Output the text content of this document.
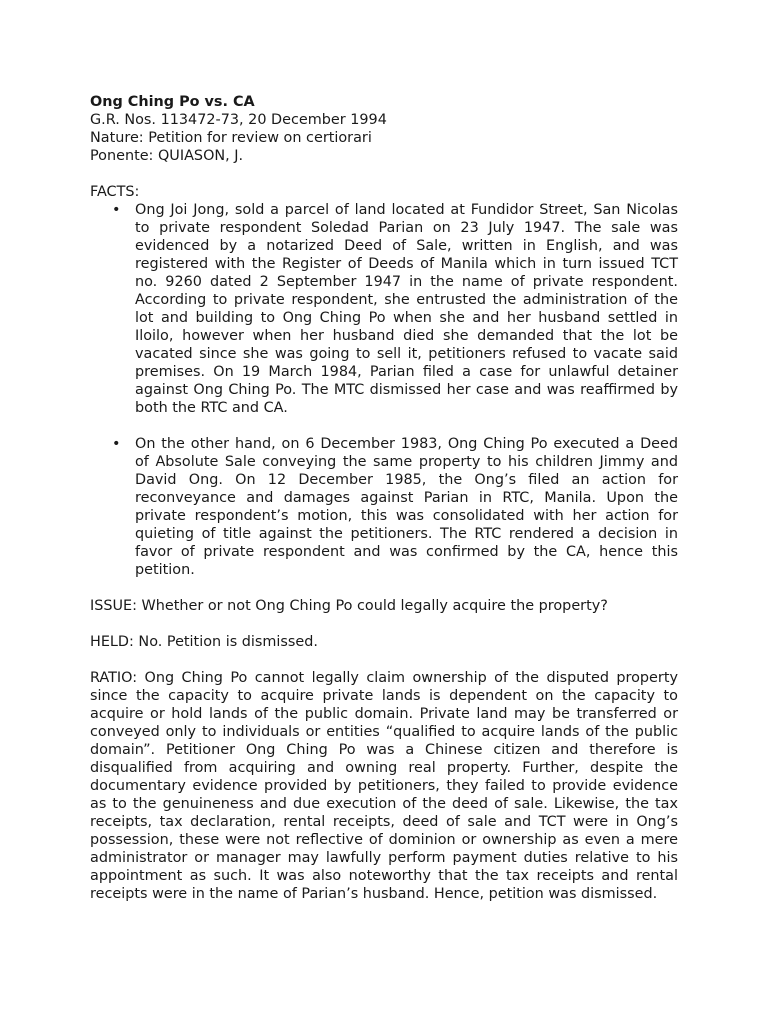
Ong Ching Po vs. CA

G.R. Nos. 113472-73, 20 December 1994

Nature: Petition for review on certiorari

Ponente: QUIASON, J.

FACTS:

• Ong Joi Jong, sold a parcel of land located at Fundidor Street, San Nicolas to private respondent Soledad Parian on 23 July 1947. The sale was evidenced by a notarized Deed of Sale, written in English, and was registered with the Register of Deeds of Manila which in turn issued TCT no. 9260 dated 2 September 1947 in the name of private respondent. According to private respondent, she entrusted the administration of the lot and building to Ong Ching Po when she and her husband settled in Iloilo, however when her husband died she demanded that the lot be vacated since she was going to sell it, petitioners refused to vacate said premises. On 19 March 1984, Parian filed a case for unlawful detainer against Ong Ching Po. The MTC dismissed her case and was reaffirmed by both the RTC and CA.
• On the other hand, on 6 December 1983, Ong Ching Po executed a Deed of Absolute Sale conveying the same property to his children Jimmy and David Ong. On 12 December 1985, the Ong’s filed an action for reconveyance and damages against Parian in RTC, Manila. Upon the private respondent’s motion, this was consolidated with her action for quieting of title against the petitioners. The RTC rendered a decision in favor of private respondent and was confirmed by the CA, hence this petition.

ISSUE: Whether or not Ong Ching Po could legally acquire the property?

HELD: No. Petition is dismissed.

RATIO: Ong Ching Po cannot legally claim ownership of the disputed property since the capacity to acquire private lands is dependent on the capacity to acquire or hold lands of the public domain. Private land may be transferred or conveyed only to individuals or entities “qualified to acquire lands of the public domain”. Petitioner Ong Ching Po was a Chinese citizen and therefore is disqualified from acquiring and owning real property. Further, despite the documentary evidence provided by petitioners, they failed to provide evidence as to the genuineness and due execution of the deed of sale. Likewise, the tax receipts, tax declaration, rental receipts, deed of sale and TCT were in Ong’s possession, these were not reflective of dominion or ownership as even a mere administrator or manager may lawfully perform payment duties relative to his appointment as such. It was also noteworthy that the tax receipts and rental receipts were in the name of Parian’s husband. Hence, petition was dismissed.
